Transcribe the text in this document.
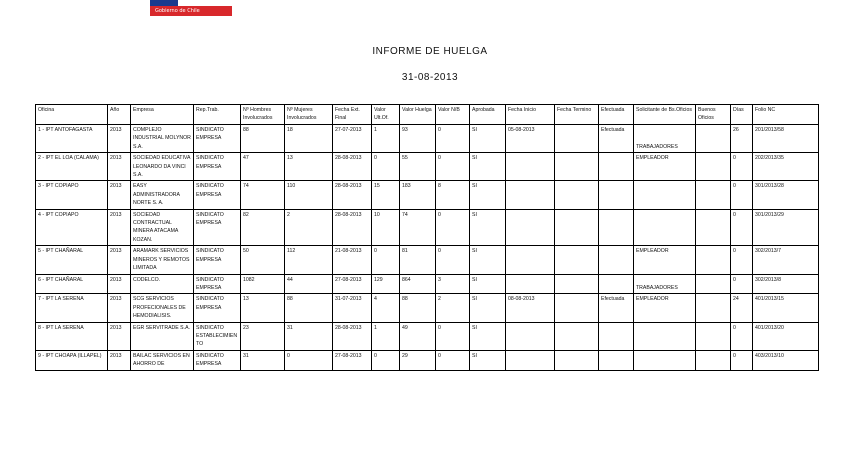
Gobierno de Chile
INFORME DE HUELGA
31-08-2013
Oficina	Año	Empresa	Rep.Trab.	Nº Hombres Involucrados	Nº Mujeres Involucrados	Fecha Ext. Final	Valor Ult.Of.	Valor Huelga	Valor N/B	Aprobada	Fecha Inicio	Fecha Termino	Efectuada	Solicitante de Bs.Oficios	Buenos Oficios	Días	Folio NC
1 - IPT ANTOFAGASTA	2013	COMPLEJO INDUSTRIAL MOLYNOR S.A.	SINDICATO EMPRESA	88	18	27-07-2013	1	93	0	SI	05-08-2013		Efectuada	TRABAJADORES		26	201/2013/58
2 - IPT EL LOA (CALAMA)	2013	SOCIEDAD EDUCATIVA LEONARDO DA VINCI S.A.	SINDICATO EMPRESA	47	13	28-08-2013	0	55	0	SI				EMPLEADOR		0	202/2013/35
3 - IPT COPIAPO	2013	EASY ADMINISTRADORA NORTE S. A.	SINDICATO EMPRESA	74	110	28-08-2013	15	183	8	SI						0	301/2013/28
4 - IPT COPIAPO	2013	SOCIEDAD CONTRACTUAL MINERA ATACAMA KOZAN.	SINDICATO EMPRESA	82	2	28-08-2013	10	74	0	SI						0	301/2013/29
5 - IPT CHAÑARAL	2013	ARAMARK SERVICIOS MINEROS Y REMOTOS LIMITADA	SINDICATO EMPRESA	50	112	21-08-2013	0	81	0	SI				EMPLEADOR		0	302/2013/7
6 - IPT CHAÑARAL	2013	CODELCO.	SINDICATO EMPRESA	1082	44	27-08-2013	129	864	3	SI				TRABAJADORES		0	302/2013/8
7 - IPT LA SERENA	2013	SCG SERVICIOS PROFECIONALES DE HEMODIALISIS.	SINDICATO EMPRESA	13	88	31-07-2013	4	88	2	SI	08-08-2013		Efectuada	EMPLEADOR		24	401/2013/15
8 - IPT LA SERENA	2013	EGR SERVITRADE S.A.	SINDICATO ESTABLECIMIENTO	23	31	28-08-2013	1	49	0	SI						0	401/2013/20
9 - IPT CHOAPA (ILLAPEL)	2013	BAILAC SERVICIOS EN AHORRO DE	SINDICATO EMPRESA	31	0	27-08-2013	0	29	0	SI						0	403/2013/10
